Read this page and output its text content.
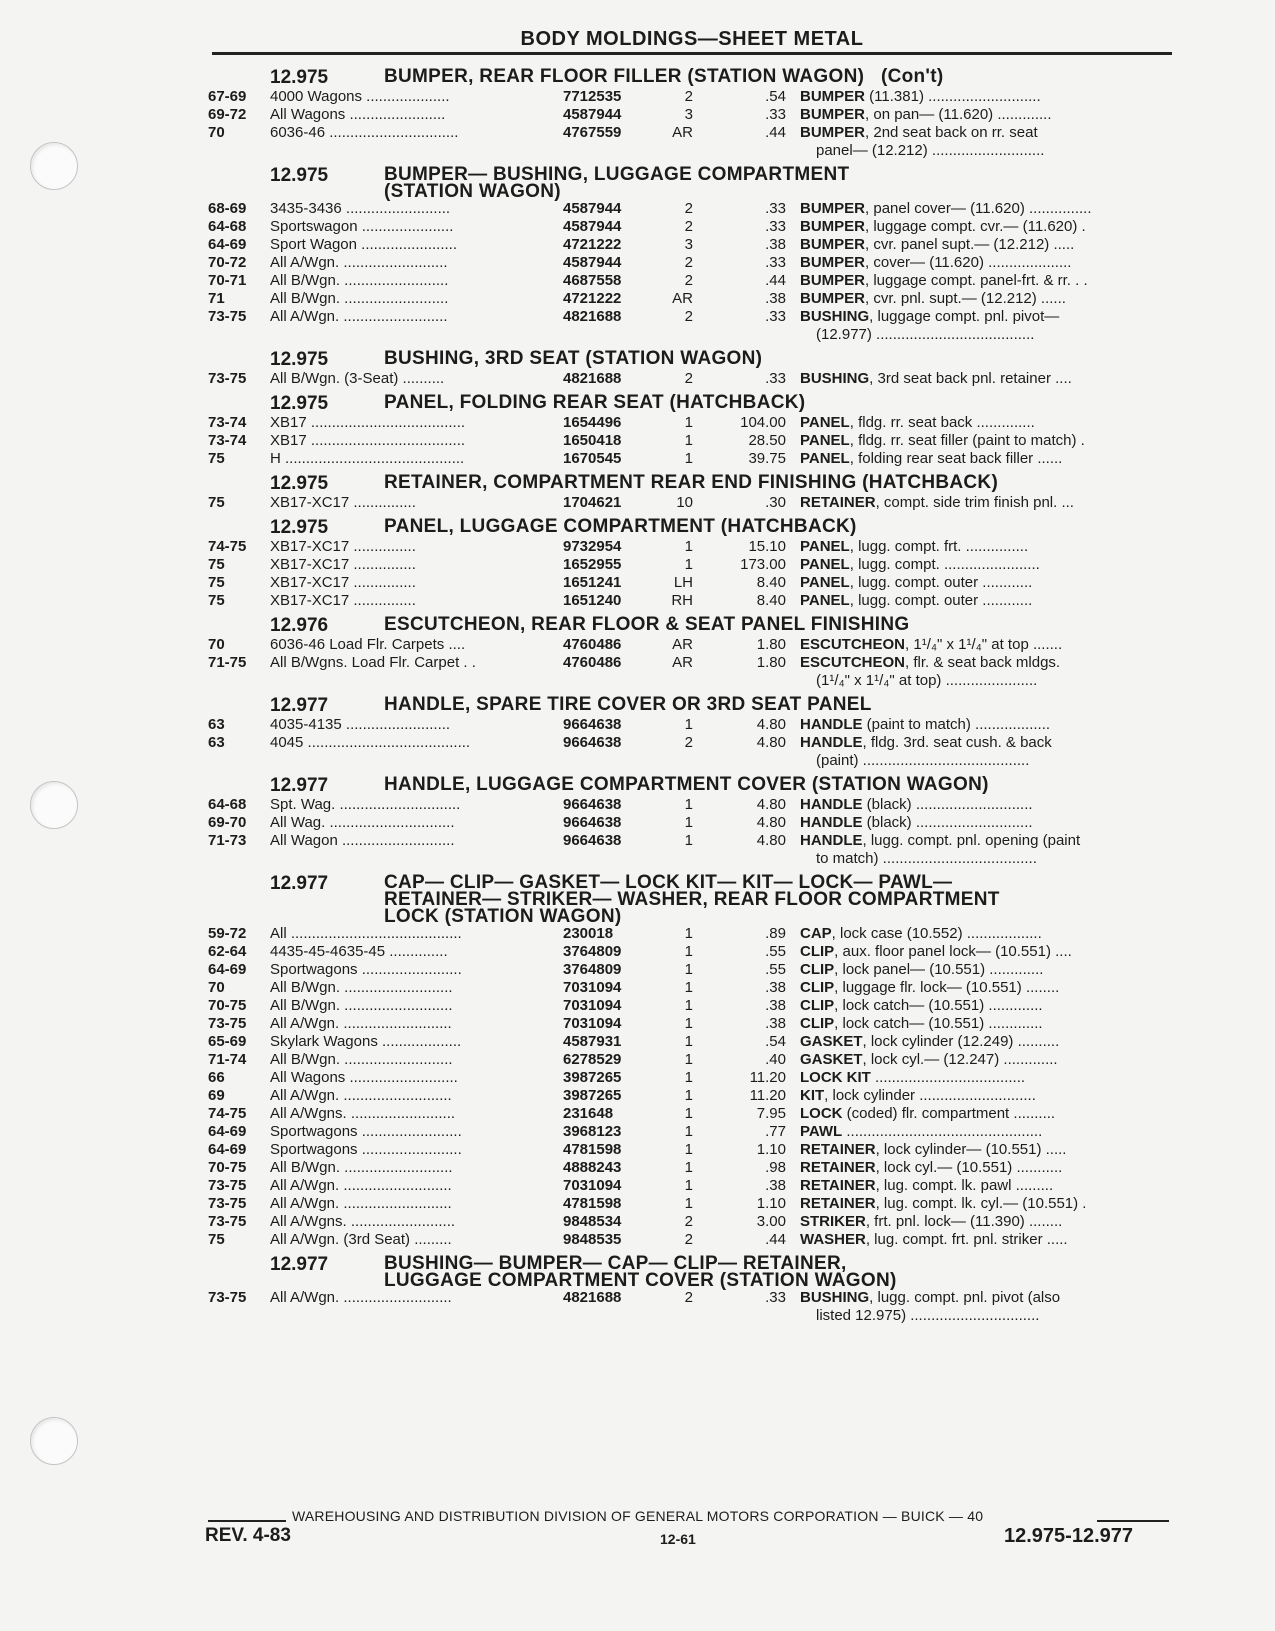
BODY MOLDINGS—SHEET METAL
12.975	BUMPER, REAR FLOOR FILLER (STATION WAGON)   (Con't)
67-69	4000 Wagons ....................	7712535	2	.54 BUMPER (11.381) ...........................
69-72	All Wagons .......................	4587944	3	.33 BUMPER, on pan— (11.620) .............
70	6036-46 ...............................	4767559	AR	.44 BUMPER, 2nd seat back on rr. seat
panel— (12.212) ...........................
12.975	BUMPER— BUSHING, LUGGAGE COMPARTMENT
(STATION WAGON)
68-69	3435-3436 .........................	4587944	2	.33 BUMPER, panel cover— (11.620) ...............
64-68	Sportswagon ......................	4587944	2	.33 BUMPER, luggage compt. cvr.— (11.620) .
64-69	Sport Wagon .......................	4721222	3	.38 BUMPER, cvr. panel supt.— (12.212) .....
70-72	All A/Wgn. .........................	4587944	2	.33 BUMPER, cover— (11.620) ....................
70-71	All B/Wgn. .........................	4687558	2	.44 BUMPER, luggage compt. panel-frt. & rr. . .
71	All B/Wgn. .........................	4721222	AR	.38 BUMPER, cvr. pnl. supt.— (12.212) ......
73-75	All A/Wgn. .........................	4821688	2	.33 BUSHING, luggage compt. pnl. pivot—
(12.977) ......................................
12.975	BUSHING, 3RD SEAT (STATION WAGON)
73-75	All B/Wgn. (3-Seat) ..........	4821688	2	.33 BUSHING, 3rd seat back pnl. retainer ....
12.975	PANEL, FOLDING REAR SEAT (HATCHBACK)
73-74	XB17 .....................................	1654496	1	104.00 PANEL, fldg. rr. seat back ..............
73-74	XB17 .....................................	1650418	1	28.50 PANEL, fldg. rr. seat filler (paint to match) .
75	H ...........................................	1670545	1	39.75 PANEL, folding rear seat back filler ......
12.975	RETAINER, COMPARTMENT REAR END FINISHING (HATCHBACK)
75	XB17-XC17 ...............	1704621	10	.30 RETAINER, compt. side trim finish pnl. ...
12.975	PANEL, LUGGAGE COMPARTMENT (HATCHBACK)
74-75	XB17-XC17 ...............	9732954	1	15.10 PANEL, lugg. compt. frt. ...............
75	XB17-XC17 ...............	1652955	1	173.00 PANEL, lugg. compt. .......................
75	XB17-XC17 ...............	1651241	LH	8.40 PANEL, lugg. compt. outer ............
75	XB17-XC17 ...............	1651240	RH	8.40 PANEL, lugg. compt. outer ............
12.976	ESCUTCHEON, REAR FLOOR & SEAT PANEL FINISHING
70	6036-46 Load Flr. Carpets ....	4760486	AR	1.80 ESCUTCHEON, 1¹/₄" x 1¹/₄" at top .......
71-75	All B/Wgns. Load Flr. Carpet . .	4760486	AR	1.80 ESCUTCHEON, flr. & seat back mldgs.
(1¹/₄" x 1¹/₄" at top) ......................
12.977	HANDLE, SPARE TIRE COVER OR 3RD SEAT PANEL
63	4035-4135 .........................	9664638	1	4.80 HANDLE (paint to match) ..................
63	4045 .......................................	9664638	2	4.80 HANDLE, fldg. 3rd. seat cush. & back
(paint) ........................................
12.977	HANDLE, LUGGAGE COMPARTMENT COVER (STATION WAGON)
64-68	Spt. Wag. .............................	9664638	1	4.80 HANDLE (black) ............................
69-70	All Wag. ..............................	9664638	1	4.80 HANDLE (black) ............................
71-73	All Wagon ...........................	9664638	1	4.80 HANDLE, lugg. compt. pnl. opening (paint
to match) .....................................
12.977	CAP— CLIP— GASKET— LOCK KIT— KIT— LOCK— PAWL—
RETAINER— STRIKER— WASHER, REAR FLOOR COMPARTMENT
LOCK (STATION WAGON)
59-72	All .........................................	230018	1	.89 CAP, lock case (10.552) ..................
62-64	4435-45-4635-45 ..............	3764809	1	.55 CLIP, aux. floor panel lock— (10.551) ....
64-69	Sportwagons ........................	3764809	1	.55 CLIP, lock panel— (10.551) .............
70	All B/Wgn. ..........................	7031094	1	.38 CLIP, luggage flr. lock— (10.551) ........
70-75	All B/Wgn. ..........................	7031094	1	.38 CLIP, lock catch— (10.551) .............
73-75	All A/Wgn. ..........................	7031094	1	.38 CLIP, lock catch— (10.551) .............
65-69	Skylark Wagons ...................	4587931	1	.54 GASKET, lock cylinder (12.249) ..........
71-74	All B/Wgn. ..........................	6278529	1	.40 GASKET, lock cyl.— (12.247) .............
66	All Wagons ..........................	3987265	1	11.20 LOCK KIT ....................................
69	All A/Wgn. ..........................	3987265	1	11.20 KIT, lock cylinder ............................
74-75	All A/Wgns. .........................	231648	1	7.95 LOCK (coded) flr. compartment ..........
64-69	Sportwagons ........................	3968123	1	.77 PAWL ...............................................
64-69	Sportwagons ........................	4781598	1	1.10 RETAINER, lock cylinder— (10.551) .....
70-75	All B/Wgn. ..........................	4888243	1	.98 RETAINER, lock cyl.— (10.551) ...........
73-75	All A/Wgn. ..........................	7031094	1	.38 RETAINER, lug. compt. lk. pawl .........
73-75	All A/Wgn. ..........................	4781598	1	1.10 RETAINER, lug. compt. lk. cyl.— (10.551) .
73-75	All A/Wgns. .........................	9848534	2	3.00 STRIKER, frt. pnl. lock— (11.390) ........
75	All A/Wgn. (3rd Seat) .........	9848535	2	.44 WASHER, lug. compt. frt. pnl. striker .....
12.977	BUSHING— BUMPER— CAP— CLIP— RETAINER,
LUGGAGE COMPARTMENT COVER (STATION WAGON)
73-75	All A/Wgn. ..........................	4821688	2	.33 BUSHING, lugg. compt. pnl. pivot (also
listed 12.975) ...............................
WAREHOUSING AND DISTRIBUTION DIVISION OF GENERAL MOTORS CORPORATION — BUICK — 40
REV. 4-83	12-61	12.975-12.977
